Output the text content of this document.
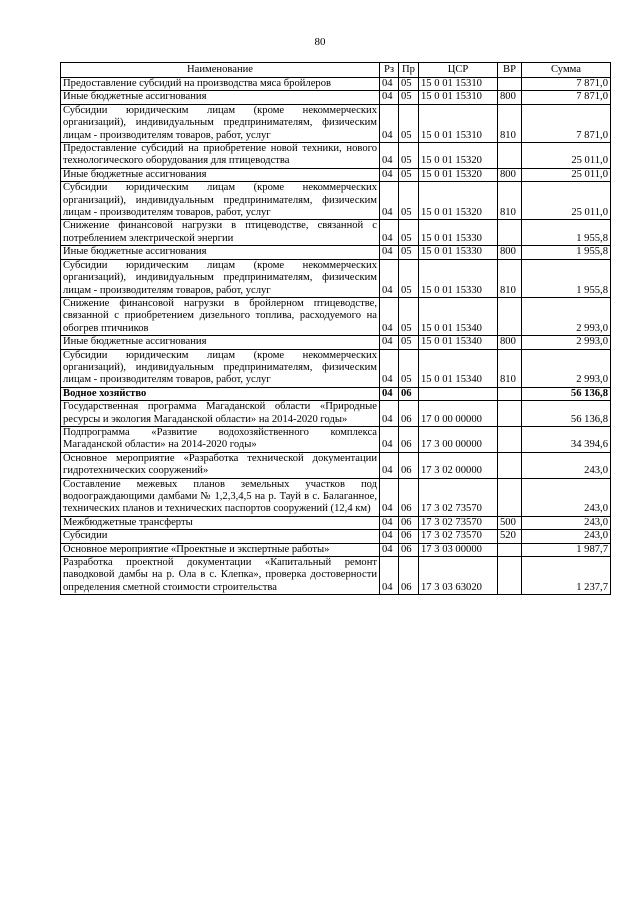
80
Наименование	Рз	Пр	ЦСР	ВР	Сумма
Предоставление субсидий на производства мяса бройлеров	04	05	15 0 01 15310		7 871,0
Иные бюджетные ассигнования	04	05	15 0 01 15310	800	7 871,0
Субсидии юридическим лицам (кроме некоммерческих организаций), индивидуальным предпринимателям, физическим лицам - производителям товаров, работ, услуг	04	05	15 0 01 15310	810	7 871,0
Предоставление субсидий на приобретение новой техники, нового технологического оборудования для птицеводства	04	05	15 0 01 15320		25 011,0
Иные бюджетные ассигнования	04	05	15 0 01 15320	800	25 011,0
Субсидии юридическим лицам (кроме некоммерческих организаций), индивидуальным предпринимателям, физическим лицам - производителям товаров, работ, услуг	04	05	15 0 01 15320	810	25 011,0
Снижение финансовой нагрузки в птицеводстве, связанной с потреблением электрической энергии	04	05	15 0 01 15330		1 955,8
Иные бюджетные ассигнования	04	05	15 0 01 15330	800	1 955,8
Субсидии юридическим лицам (кроме некоммерческих организаций), индивидуальным предпринимателям, физическим лицам - производителям товаров, работ, услуг	04	05	15 0 01 15330	810	1 955,8
Снижение финансовой нагрузки в бройлерном птицеводстве, связанной с приобретением дизельного топлива, расходуемого на обогрев птичников	04	05	15 0 01 15340		2 993,0
Иные бюджетные ассигнования	04	05	15 0 01 15340	800	2 993,0
Субсидии юридическим лицам (кроме некоммерческих организаций), индивидуальным предпринимателям, физическим лицам - производителям товаров, работ, услуг	04	05	15 0 01 15340	810	2 993,0
Водное хозяйство	04	06			56 136,8
Государственная программа Магаданской области «Природные ресурсы и экология Магаданской области» на 2014-2020 годы»	04	06	17 0 00 00000		56 136,8
Подпрограмма «Развитие водохозяйственного комплекса Магаданской области» на 2014-2020 годы»	04	06	17 3 00 00000		34 394,6
Основное мероприятие «Разработка технической документации гидротехнических сооружений»	04	06	17 3 02 00000		243,0
Составление межевых планов земельных участков под водоограждающими дамбами № 1,2,3,4,5 на р. Тауй в с. Балаганное, технических планов и технических паспортов сооружений (12,4 км)	04	06	17 3 02 73570		243,0
Межбюджетные трансферты	04	06	17 3 02 73570	500	243,0
Субсидии	04	06	17 3 02 73570	520	243,0
Основное мероприятие «Проектные и экспертные работы»	04	06	17 3 03 00000		1 987,7
Разработка проектной документации «Капитальный ремонт паводковой дамбы на р. Ола в с. Клепка», проверка достоверности определения сметной стоимости строительства	04	06	17 3 03 63020		1 237,7
